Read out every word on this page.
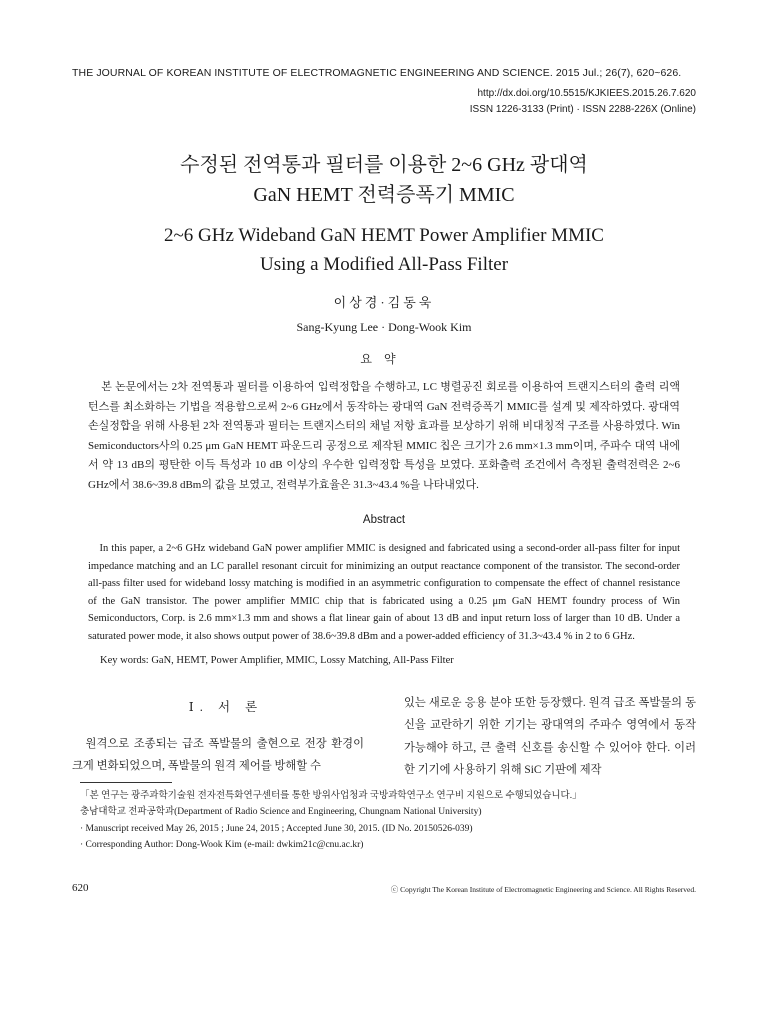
THE JOURNAL OF KOREAN INSTITUTE OF ELECTROMAGNETIC ENGINEERING AND SCIENCE. 2015 Jul.; 26(7), 620~626.
http://dx.doi.org/10.5515/KJKIEES.2015.26.7.620
ISSN 1226-3133 (Print) · ISSN 2288-226X (Online)
수정된 전역통과 필터를 이용한 2~6 GHz 광대역
GaN HEMT 전력증폭기 MMIC
2~6 GHz Wideband GaN HEMT Power Amplifier MMIC
Using a Modified All-Pass Filter
이상경·김동욱
Sang-Kyung Lee · Dong-Wook Kim
요약

본 논문에서는 2차 전역통과 필터를 이용하여 입력정합을 수행하고, LC 병렬공진 회로를 이용하여 트랜지스터의 출력 리액턴스를 최소화하는 기법을 적용함으로써 2~6 GHz에서 동작하는 광대역 GaN 전력증폭기 MMIC를 설계 및 제작하였다. 광대역 손실정합을 위해 사용된 2차 전역통과 필터는 트랜지스터의 채널 저항 효과를 보상하기 위해 비대칭적 구조를 사용하였다. Win Semiconductors사의 0.25 μm GaN HEMT 파운드리 공정으로 제작된 MMIC 칩은 크기가 2.6 mm×1.3 mm이며, 주파수 대역 내에서 약 13 dB의 평탄한 이득 특성과 10 dB 이상의 우수한 입력정합 특성을 보였다. 포화출력 조건에서 측정된 출력전력은 2~6 GHz에서 38.6~39.8 dBm의 값을 보였고, 전력부가효율은 31.3~43.4 %을 나타내었다.

Abstract

In this paper, a 2~6 GHz wideband GaN power amplifier MMIC is designed and fabricated using a second-order all-pass filter for input impedance matching and an LC parallel resonant circuit for minimizing an output reactance component of the transistor. The second-order all-pass filter used for wideband lossy matching is modified in an asymmetric configuration to compensate the effect of channel resistance of the GaN transistor. The power amplifier MMIC chip that is fabricated using a 0.25 μm GaN HEMT foundry process of Win Semiconductors, Corp. is 2.6 mm×1.3 mm and shows a flat linear gain of about 13 dB and input return loss of larger than 10 dB. Under a saturated power mode, it also shows output power of 38.6~39.8 dBm and a power-added efficiency of 31.3~43.4 % in 2 to 6 GHz.

Key words: GaN, HEMT, Power Amplifier, MMIC, Lossy Matching, All-Pass Filter
Ⅰ. 서 론

원격으로 조종되는 급조 폭발물의 출현으로 전장 환경이 크게 변화되었으며, 폭발물의 원격 제어를 방해할 수

있는 새로운 응용 분야 또한 등장했다. 원격 급조 폭발물의 동신을 교란하기 위한 기기는 광대역의 주파수 영역에서 동작 가능해야 하고, 큰 출력 신호를 송신할 수 있어야 한다. 이러한 기기에 사용하기 위해 SiC 기판에 제작

「본 연구는 광주과학기술원 전자전특화연구센터를 통한 방위사업청과 국방과학연구소 연구비 지원으로 수행되었습니다.」
충남대학교 전파공학과(Department of Radio Science and Engineering, Chungnam National University)
· Manuscript received May 26, 2015 ; June 24, 2015 ; Accepted June 30, 2015. (ID No. 20150526-039)
· Corresponding Author: Dong-Wook Kim (e-mail: dwkim21c@cnu.ac.kr)
620	ⓒ Copyright The Korean Institute of Electromagnetic Engineering and Science. All Rights Reserved.
